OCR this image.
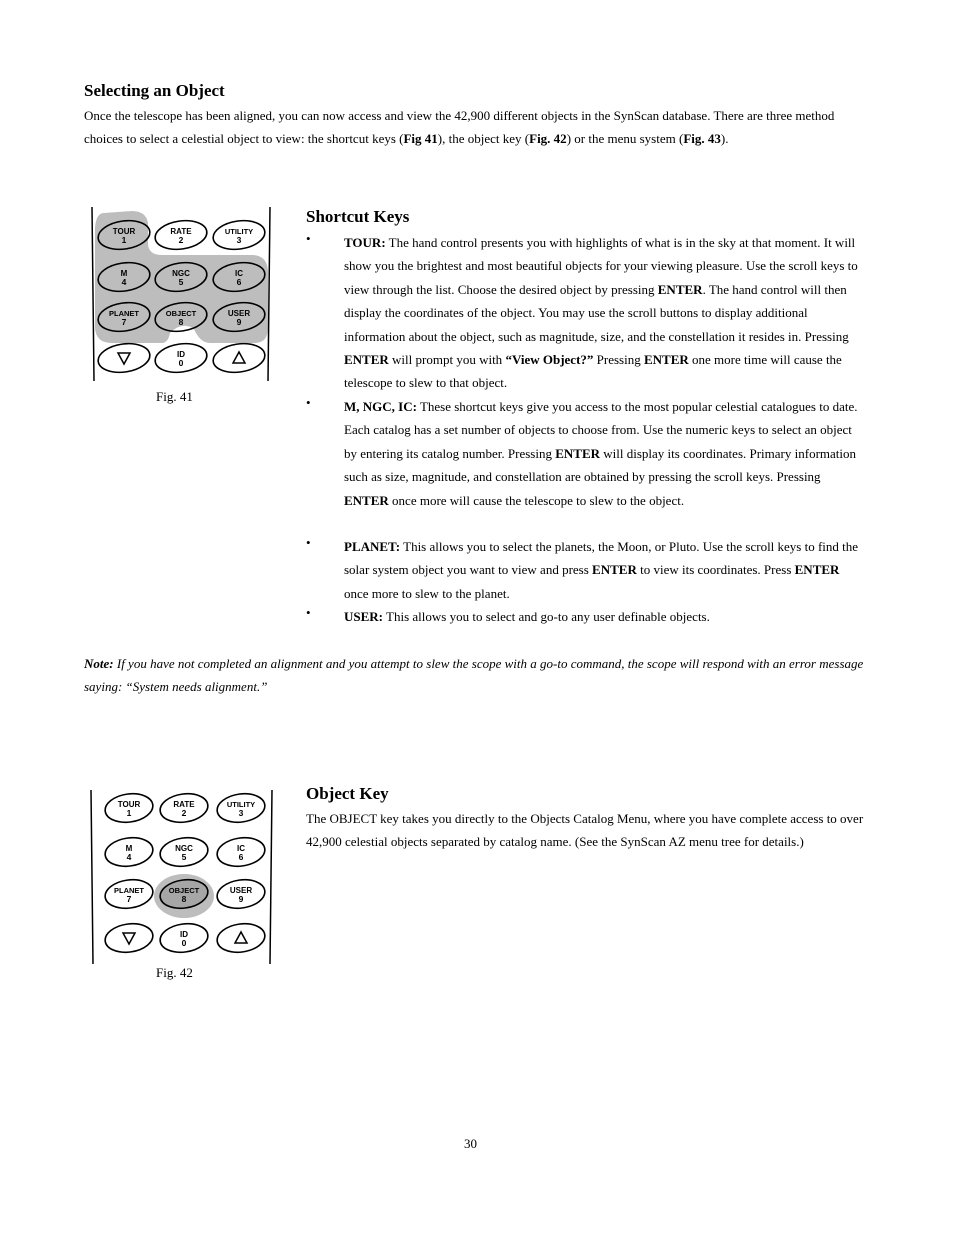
Selecting an Object
Once the telescope has been aligned, you can now access and view the 42,900 different objects in the SynScan database. There are three method choices to select a celestial object to view: the shortcut keys (Fig 41), the object key (Fig. 42) or the menu system (Fig. 43).
TOUR
1
RATE
2
UTILITY
3
M
4
NGC
5
IC
6
PLANET
7
OBJECT
8
USER
9
ID
0
Fig. 41
Shortcut Keys
•	TOUR: The hand control presents you with highlights of what is in the sky at that moment. It will show you the brightest and most beautiful objects for your viewing pleasure. Use the scroll keys to view through the list. Choose the desired object by pressing ENTER. The hand control will then display the coordinates of the object. You may use the scroll buttons to display additional information about the object, such as magnitude, size, and the constellation it resides in. Pressing ENTER will prompt you with “View Object?” Pressing ENTER one more time will cause the telescope to slew to that object.
•	M, NGC, IC: These shortcut keys give you access to the most popular celestial catalogues to date. Each catalog has a set number of objects to choose from. Use the numeric keys to select an object by entering its catalog number. Pressing ENTER will display its coordinates. Primary information such as size, magnitude, and constellation are obtained by pressing the scroll keys. Pressing ENTER once more will cause the telescope to slew to the object.
•	PLANET: This allows you to select the planets, the Moon, or Pluto. Use the scroll keys to find the solar system object you want to view and press ENTER to view its coordinates. Press ENTER once more to slew to the planet.
•	USER: This allows you to select and go-to any user definable objects.
Note: If you have not completed an alignment and you attempt to slew the scope with a go-to command, the scope will respond with an error message saying: “System needs alignment.”
TOUR
1
RATE
2
UTILITY
3
M
4
NGC
5
IC
6
PLANET
7
OBJECT
8
USER
9
ID
0
Fig. 42
Object Key
The OBJECT key takes you directly to the Objects Catalog Menu, where you have complete access to over 42,900 celestial objects separated by catalog name. (See the SynScan AZ menu tree for details.)
30
